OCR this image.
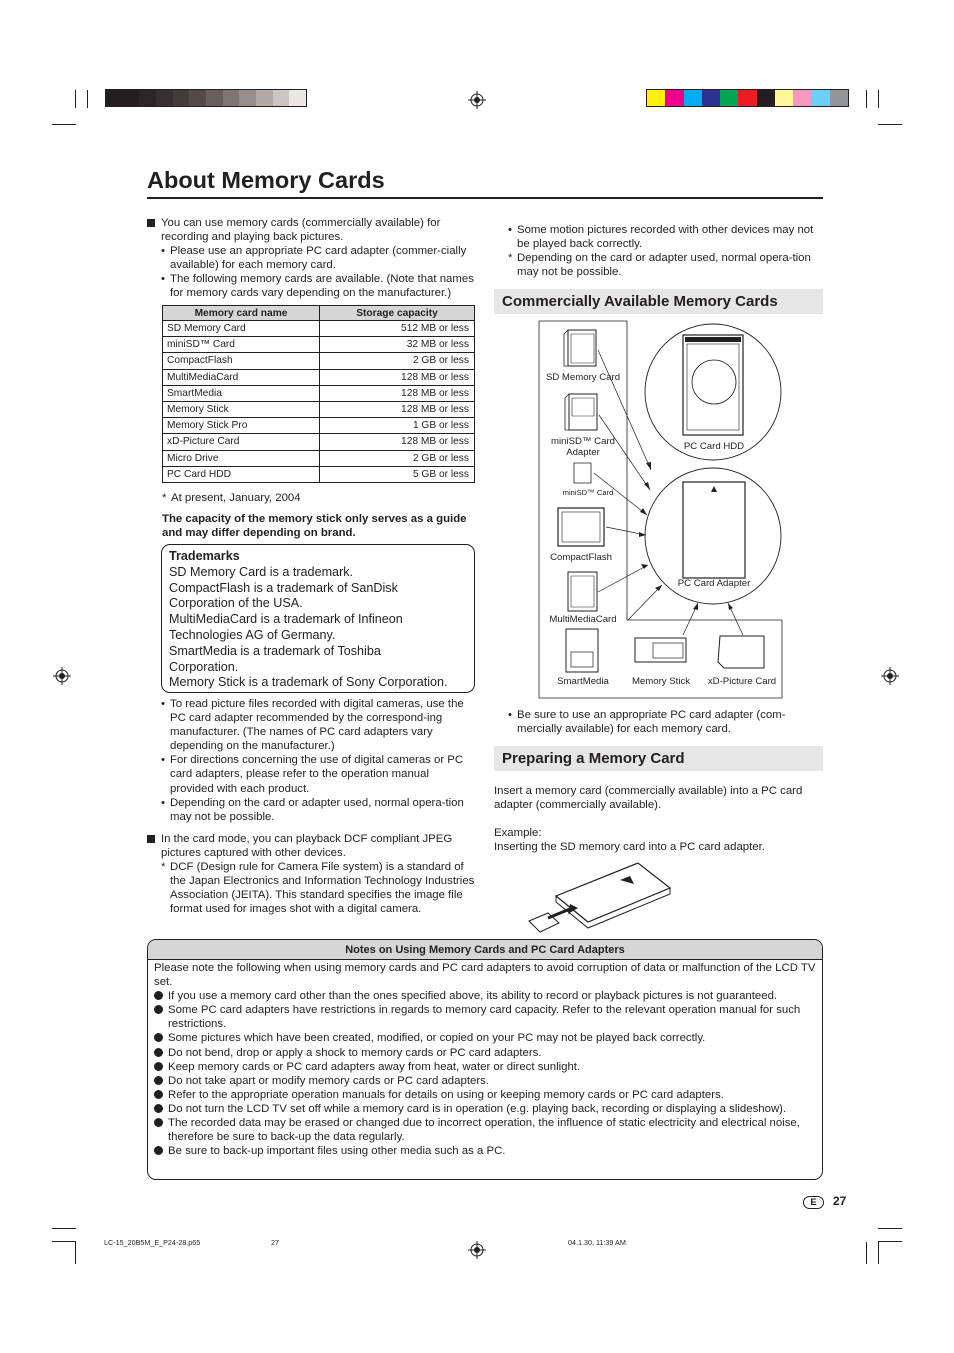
About Memory Cards
You can use memory cards (commercially available) for recording and playing back pictures.
• Please use an appropriate PC card adapter (commer-cially available) for each memory card.
• The following memory cards are available. (Note that names for memory cards vary depending on the manufacturer.)
Memory card name	Storage capacity
SD Memory Card	512 MB or less
miniSD™ Card	32 MB or less
CompactFlash	2 GB or less
MultiMediaCard	128 MB or less
SmartMedia	128 MB or less
Memory Stick	128 MB or less
Memory Stick Pro	1 GB or less
xD-Picture Card	128 MB or less
Micro Drive	2 GB or less
PC Card HDD	5 GB or less
* At present, January, 2004
The capacity of the memory stick only serves as a guide and may differ depending on brand.
Trademarks
SD Memory Card is a trademark.
CompactFlash is a trademark of SanDisk
Corporation of the USA.
MultiMediaCard is a trademark of Infineon
Technologies AG of Germany.
SmartMedia is a trademark of Toshiba
Corporation.
Memory Stick is a trademark of Sony Corporation.
• To read picture files recorded with digital cameras, use the PC card adapter recommended by the correspond-ing manufacturer. (The names of PC card adapters vary depending on the manufacturer.)
• For directions concerning the use of digital cameras or PC card adapters, please refer to the operation manual provided with each product.
• Depending on the card or adapter used, normal opera-tion may not be possible.
In the card mode, you can playback DCF compliant JPEG pictures captured with other devices.
* DCF (Design rule for Camera File system) is a standard of the Japan Electronics and Information Technology Industries Association (JEITA). This standard specifies the image file format used for images shot with a digital camera.
• Some motion pictures recorded with other devices may not be played back correctly.
* Depending on the card or adapter used, normal opera-tion may not be possible.
Commercially Available Memory Cards
SD Memory Card
miniSD™ Card
Adapter
miniSD™ Card
CompactFlash
MultiMediaCard
SmartMedia	Memory Stick	xD-Picture Card
PC Card HDD
PC Card Adapter
• Be sure to use an appropriate PC card adapter (com-mercially available) for each memory card.
Preparing a Memory Card
Insert a memory card (commercially available) into a PC card adapter (commercially available).
Example:
Inserting the SD memory card into a PC card adapter.
Notes on Using Memory Cards and PC Card Adapters
Please note the following when using memory cards and PC card adapters to avoid corruption of data or malfunction of the LCD TV set.
If you use a memory card other than the ones specified above, its ability to record or playback pictures is not guaranteed.
Some PC card adapters have restrictions in regards to memory card capacity. Refer to the relevant operation manual for such restrictions.
Some pictures which have been created, modified, or copied on your PC may not be played back correctly.
Do not bend, drop or apply a shock to memory cards or PC card adapters.
Keep memory cards or PC card adapters away from heat, water or direct sunlight.
Do not take apart or modify memory cards or PC card adapters.
Refer to the appropriate operation manuals for details on using or keeping memory cards or PC card adapters.
Do not turn the LCD TV set off while a memory card is in operation (e.g. playing back, recording or displaying a slideshow).
The recorded data may be erased or changed due to incorrect operation, the influence of static electricity and electrical noise, therefore be sure to back-up the data regularly.
Be sure to back-up important files using other media such as a PC.
E	27
LC-15_20B5M_E_P24-28.p65	27	04.1.30, 11:39 AM
